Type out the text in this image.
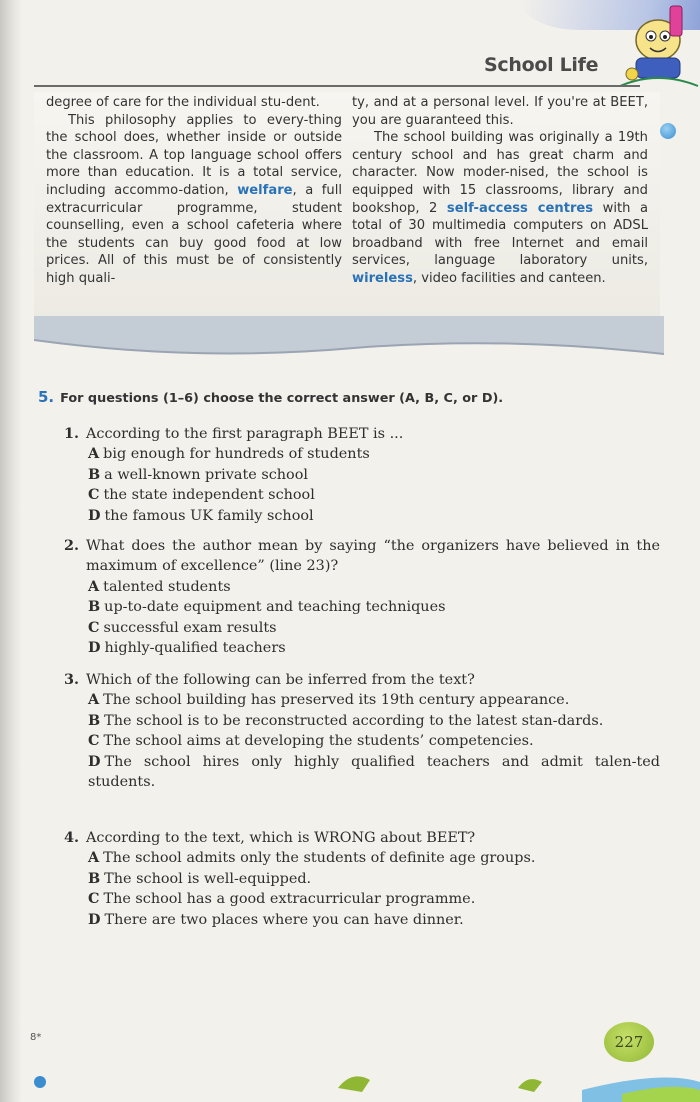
School Life

degree of care for the individual stu-dent.

This philosophy applies to every-thing the school does, whether inside or outside the classroom. A top language school offers more than education. It is a total service, including accommo-dation, welfare, a full extracurricular programme, student counselling, even a school cafeteria where the students can buy good food at low prices. All of this must be of consistently high quali-

ty, and at a personal level. If you're at BEET, you are guaranteed this.

The school building was originally a 19th century school and has great charm and character. Now moder-nised, the school is equipped with 15 classrooms, library and bookshop, 2 self-access centres with a total of 30 multimedia computers on ADSL broadband with free Internet and email services, language laboratory units, wireless, video facilities and canteen.

5. For questions (1–6) choose the correct answer (A, B, C, or D).
1. According to the first paragraph BEET is ...
A big enough for hundreds of students
B a well-known private school
C the state independent school
D the famous UK family school
2. What does the author mean by saying “the organizers have believed in the maximum of excellence” (line 23)?
A talented students
B up-to-date equipment and teaching techniques
C successful exam results
D highly-qualified teachers
3. Which of the following can be inferred from the text?
A The school building has preserved its 19th century appearance.
B The school is to be reconstructed according to the latest stan-dards.
C The school aims at developing the students’ competencies.
D The school hires only highly qualified teachers and admit talen-ted students.
4. According to the text, which is WRONG about BEET?
A The school admits only the students of definite age groups.
B The school is well-equipped.
C The school has a good extracurricular programme.
D There are two places where you can have dinner.
8*	227
